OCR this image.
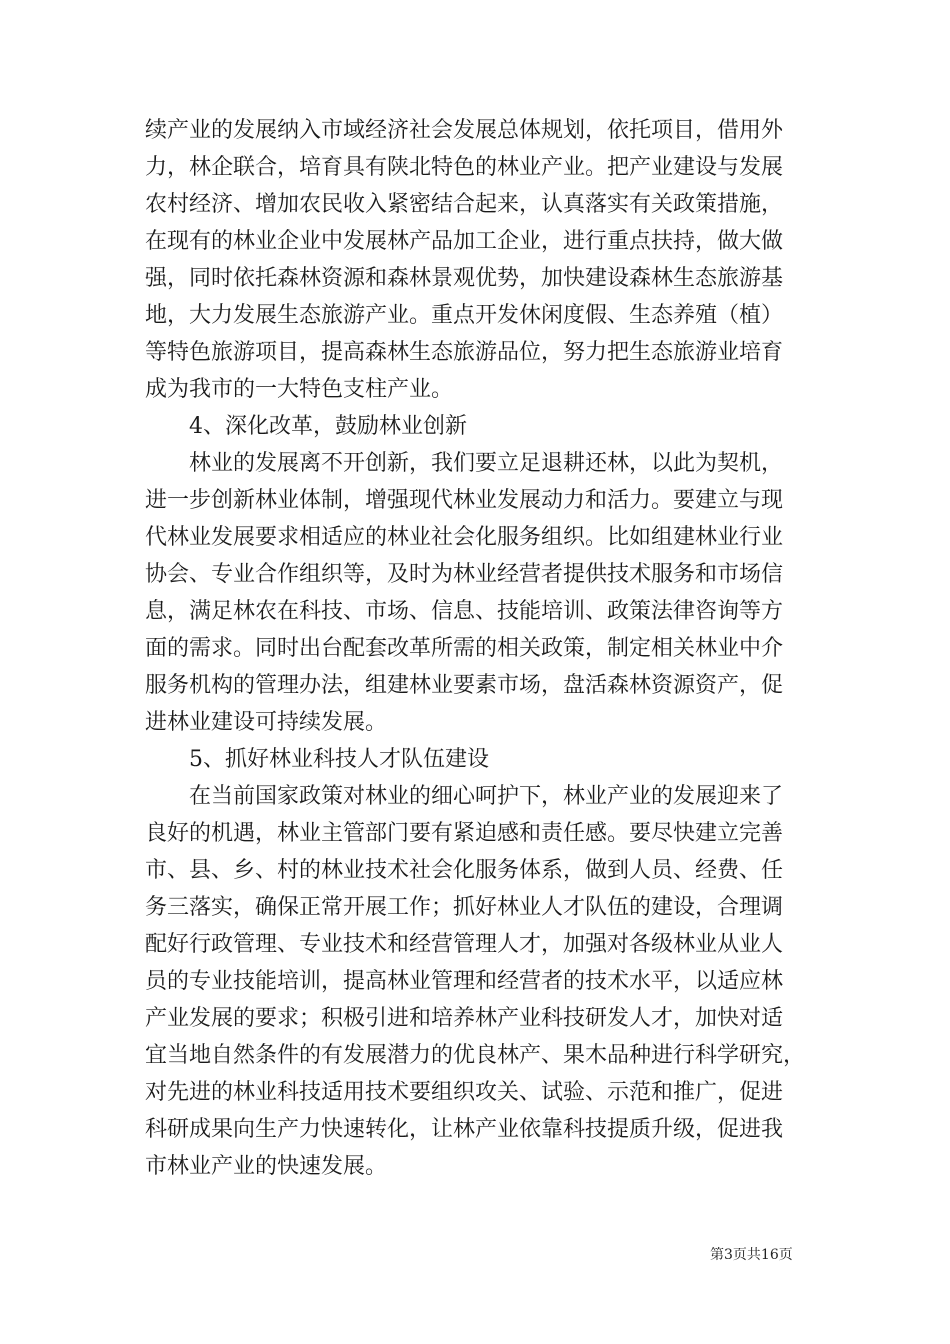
续产业的发展纳入市域经济社会发展总体规划，依托项目，借用外
力，林企联合，培育具有陕北特色的林业产业。把产业建设与发展
农村经济、增加农民收入紧密结合起来，认真落实有关政策措施，
在现有的林业企业中发展林产品加工企业，进行重点扶持，做大做
强，同时依托森林资源和森林景观优势，加快建设森林生态旅游基
地，大力发展生态旅游产业。重点开发休闲度假、生态养殖（植）
等特色旅游项目，提高森林生态旅游品位，努力把生态旅游业培育
成为我市的一大特色支柱产业。
4、深化改革，鼓励林业创新
林业的发展离不开创新，我们要立足退耕还林，以此为契机，
进一步创新林业体制，增强现代林业发展动力和活力。要建立与现
代林业发展要求相适应的林业社会化服务组织。比如组建林业行业
协会、专业合作组织等，及时为林业经营者提供技术服务和市场信
息，满足林农在科技、市场、信息、技能培训、政策法律咨询等方
面的需求。同时出台配套改革所需的相关政策，制定相关林业中介
服务机构的管理办法，组建林业要素市场，盘活森林资源资产，促
进林业建设可持续发展。
5、抓好林业科技人才队伍建设
在当前国家政策对林业的细心呵护下，林业产业的发展迎来了
良好的机遇，林业主管部门要有紧迫感和责任感。要尽快建立完善
市、县、乡、村的林业技术社会化服务体系，做到人员、经费、任
务三落实，确保正常开展工作；抓好林业人才队伍的建设，合理调
配好行政管理、专业技术和经营管理人才，加强对各级林业从业人
员的专业技能培训，提高林业管理和经营者的技术水平，以适应林
产业发展的要求；积极引进和培养林产业科技研发人才，加快对适
宜当地自然条件的有发展潜力的优良林产、果木品种进行科学研究，
对先进的林业科技适用技术要组织攻关、试验、示范和推广，促进
科研成果向生产力快速转化，让林产业依靠科技提质升级，促进我
市林业产业的快速发展。
第3页共16页
